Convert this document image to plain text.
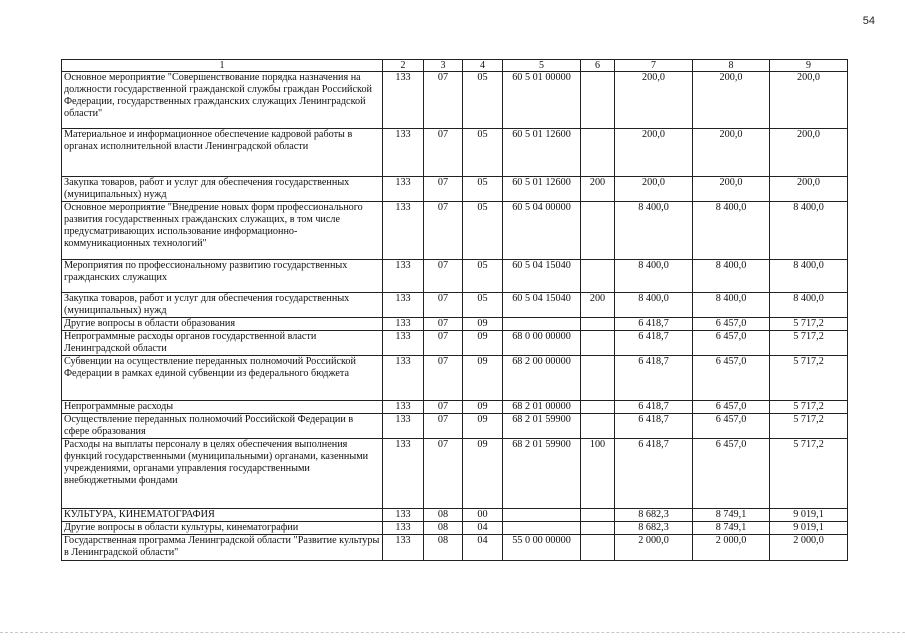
54
1	2	3	4	5	6	7	8	9
Основное мероприятие "Совершенствование порядка назначения на должности государственной гражданской службы граждан Российской Федерации, государственных гражданских служащих Ленинградской области"	133	07	05	60 5 01 00000		200,0	200,0	200,0
Материальное и информационное обеспечение кадровой работы в органах исполнительной власти Ленинградской области	133	07	05	60 5 01 12600		200,0	200,0	200,0
Закупка товаров, работ и услуг для обеспечения государственных (муниципальных) нужд	133	07	05	60 5 01 12600	200	200,0	200,0	200,0
Основное мероприятие "Внедрение новых форм профессионального развития государственных гражданских служащих, в том числе предусматривающих использование информационно-коммуникационных технологий"	133	07	05	60 5 04 00000		8 400,0	8 400,0	8 400,0
Мероприятия по профессиональному развитию государственных гражданских служащих	133	07	05	60 5 04 15040		8 400,0	8 400,0	8 400,0
Закупка товаров, работ и услуг для обеспечения государственных (муниципальных) нужд	133	07	05	60 5 04 15040	200	8 400,0	8 400,0	8 400,0
Другие вопросы в области образования	133	07	09			6 418,7	6 457,0	5 717,2
Непрограммные расходы органов государственной власти Ленинградской области	133	07	09	68 0 00 00000		6 418,7	6 457,0	5 717,2
Субвенции на осуществление переданных полномочий Российской Федерации в рамках единой субвенции из федерального бюджета	133	07	09	68 2 00 00000		6 418,7	6 457,0	5 717,2
Непрограммные расходы	133	07	09	68 2 01 00000		6 418,7	6 457,0	5 717,2
Осуществление переданных полномочий Российской Федерации в сфере образования	133	07	09	68 2 01 59900		6 418,7	6 457,0	5 717,2
Расходы на выплаты персоналу в целях обеспечения выполнения функций государственными (муниципальными) органами, казенными учреждениями, органами управления государственными внебюджетными фондами	133	07	09	68 2 01 59900	100	6 418,7	6 457,0	5 717,2
КУЛЬТУРА, КИНЕМАТОГРАФИЯ	133	08	00			8 682,3	8 749,1	9 019,1
Другие вопросы в области культуры, кинематографии	133	08	04			8 682,3	8 749,1	9 019,1
Государственная программа Ленинградской области "Развитие культуры в Ленинградской области"	133	08	04	55 0 00 00000		2 000,0	2 000,0	2 000,0
